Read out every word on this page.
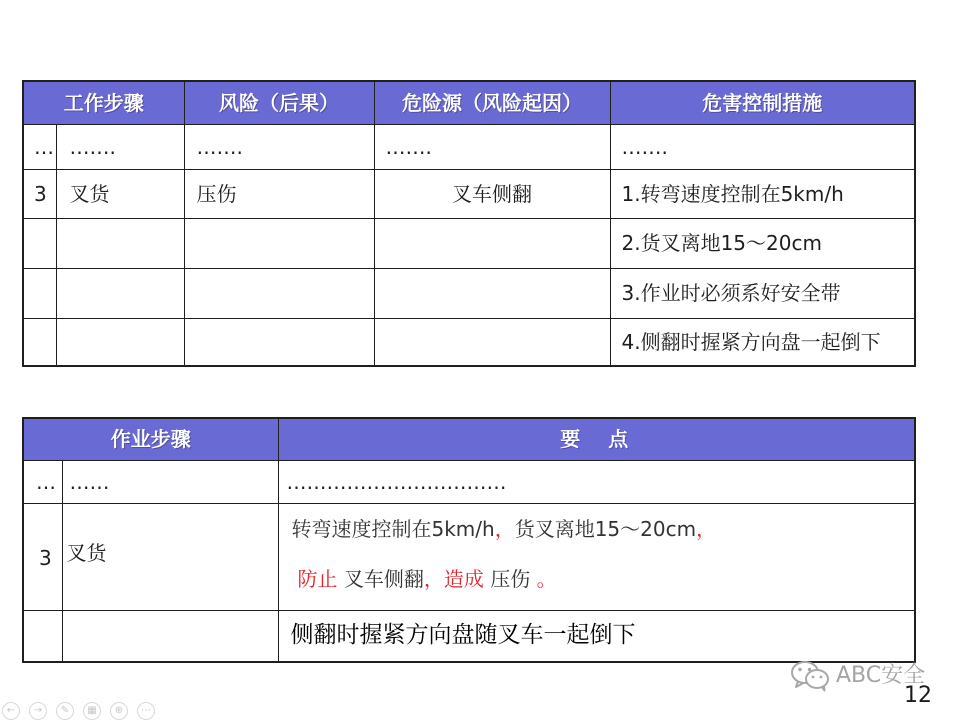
工作步骤		风险（后果）	危险源（风险起因）	危害控制措施
…	…….	…….	…….	…….
3	叉货	压伤	叉车侧翻	1.转弯速度控制在5km/h
				2.货叉离地15～20cm
				3.作业时必须系好安全带
				4.侧翻时握紧方向盘一起倒下
作业步骤		要　点
…	……	……………………………
3	叉货	转弯速度控制在5km/h，货叉离地15～20cm，
防止 叉车侧翻，造成 压伤 。

		侧翻时握紧方向盘随叉车一起倒下
ABC安全
12
←	→	✎	▦	⊕	⋯
